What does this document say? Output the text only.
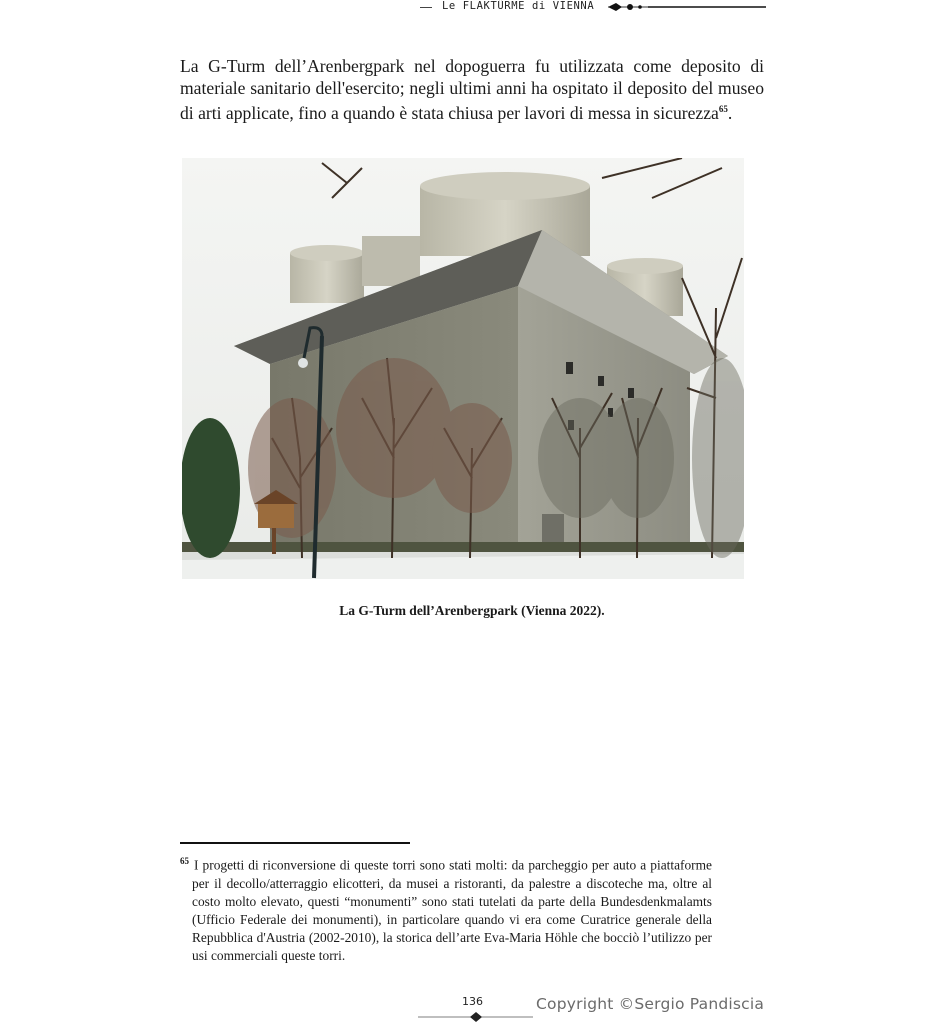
Le FLAKTÜRME di VIENNA

La G-Turm dell’Arenbergpark nel dopoguerra fu utilizzata come deposito di materiale sanitario dell'esercito; negli ultimi anni ha ospitato il deposito del museo di arti applicate, fino a quando è stata chiusa per lavori di messa in sicurezza$^{65}$.

La G-Turm dell’Arenbergpark (Vienna 2022).

$^{65}$ I progetti di riconversione di queste torri sono stati molti: da parcheggio per auto a piattaforme per il decollo/atterraggio elicotteri, da musei a ristoranti, da palestre a discoteche ma, oltre al costo molto elevato, questi “monumenti” sono stati tutelati da parte della Bundesdenkmalamts (Ufficio Federale dei monumenti), in particolare quando vi era come Curatrice generale della Repubblica d'Austria (2002-2010), la storica dell’arte Eva-Maria Höhle che bocciò l’utilizzo per usi commerciali queste torri.

136	Copyright ©Sergio Pandiscia
